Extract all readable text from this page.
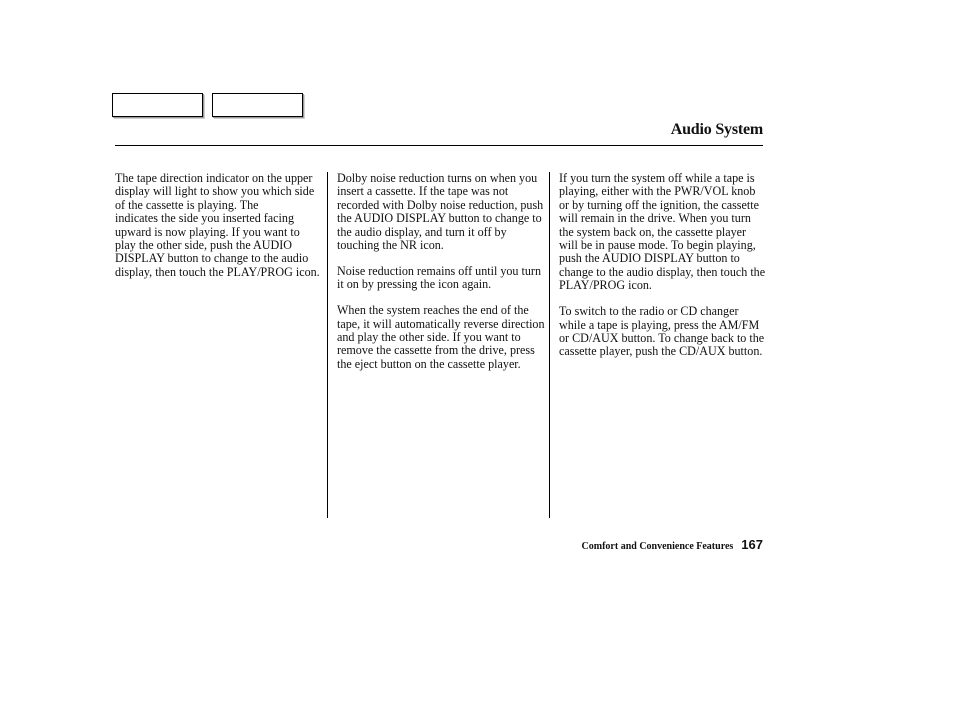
Audio System

The tape direction indicator on the upper display will light to show you which side of the cassette is playing. The  indicates the side you inserted facing upward is now playing. If you want to play the other side, push the AUDIO DISPLAY button to change to the audio display, then touch the PLAY/PROG icon.

Dolby noise reduction turns on when you insert a cassette. If the tape was not recorded with Dolby noise reduction, push the AUDIO DISPLAY button to change to the audio display, and turn it off by touching the NR icon.

Noise reduction remains off until you turn it on by pressing the icon again.

When the system reaches the end of the tape, it will automatically reverse direction and play the other side. If you want to remove the cassette from the drive, press the eject button on the cassette player.

If you turn the system off while a tape is playing, either with the PWR/VOL knob or by turning off the ignition, the cassette will remain in the drive. When you turn the system back on, the cassette player will be in pause mode. To begin playing, push the AUDIO DISPLAY button to change to the audio display, then touch the PLAY/PROG icon.

To switch to the radio or CD changer while a tape is playing, press the AM/FM or CD/AUX button. To change back to the cassette player, push the CD/AUX button.

Comfort and Convenience Features 167
